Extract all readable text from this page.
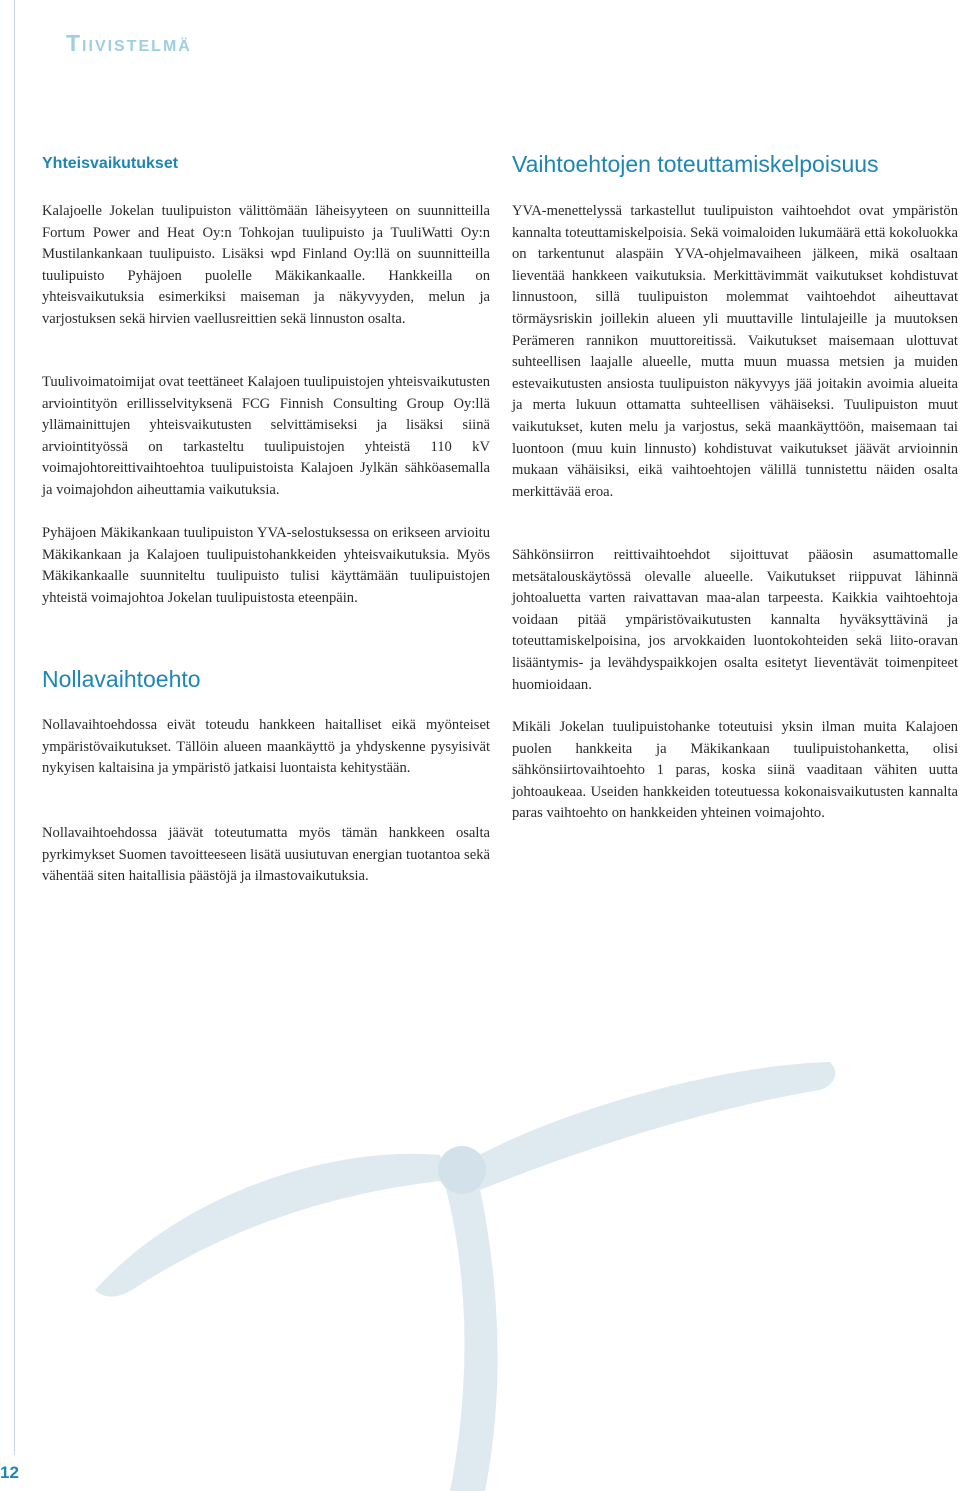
Tiivistelmä
Yhteisvaikutukset

Kalajoelle Jokelan tuulipuiston välittömään läheisyyteen on suunnitteilla Fortum Power and Heat Oy:n Tohkojan tuulipuisto ja TuuliWatti Oy:n Mustilankankaan tuulipuisto. Lisäksi wpd Finland Oy:llä on suunnitteilla tuulipuisto Pyhäjoen puolelle Mäkikankaalle. Hankkeilla on yhteisvaikutuksia esimerkiksi maiseman ja näkyvyyden, melun ja varjostuksen sekä hirvien vaellusreittien sekä linnuston osalta.

Tuulivoimatoimijat ovat teettäneet Kalajoen tuulipuistojen yhteisvaikutusten arviointityön erillisselvityksenä FCG Finnish Consulting Group Oy:llä yllämainittujen yhteisvaikutusten selvittämiseksi ja lisäksi siinä arviointityössä on tarkasteltu tuulipuistojen yhteistä 110 kV voimajohtoreittivaihtoehtoa tuulipuistoista Kalajoen Jylkän sähköasemalla ja voimajohdon aiheuttamia vaikutuksia.

Pyhäjoen Mäkikankaan tuulipuiston YVA-selostuksessa on erikseen arvioitu Mäkikankaan ja Kalajoen tuulipuistohankkeiden yhteisvaikutuksia. Myös Mäkikankaalle suunniteltu tuulipuisto tulisi käyttämään tuulipuistojen yhteistä voimajohtoa Jokelan tuulipuistosta eteenpäin.

Nollavaihtoehto

Nollavaihtoehdossa eivät toteudu hankkeen haitalliset eikä myönteiset ympäristövaikutukset. Tällöin alueen maankäyttö ja yhdyskenne pysyisivät nykyisen kaltaisina ja ympäristö jatkaisi luontaista kehitystään.

Nollavaihtoehdossa jäävät toteutumatta myös tämän hankkeen osalta pyrkimykset Suomen tavoitteeseen lisätä uusiutuvan energian tuotantoa sekä vähentää siten haitallisia päästöjä ja ilmastovaikutuksia.

Vaihtoehtojen toteuttamiskelpoisuus

YVA-menettelyssä tarkastellut tuulipuiston vaihtoehdot ovat ympäristön kannalta toteuttamiskelpoisia. Sekä voimaloiden lukumäärä että kokoluokka on tarkentunut alaspäin YVA-ohjelmavaiheen jälkeen, mikä osaltaan lieventää hankkeen vaikutuksia. Merkittävimmät vaikutukset kohdistuvat linnustoon, sillä tuulipuiston molemmat vaihtoehdot aiheuttavat törmäysriskin joillekin alueen yli muuttaville lintulajeille ja muutoksen Perämeren rannikon muuttoreitissä. Vaikutukset maisemaan ulottuvat suhteellisen laajalle alueelle, mutta muun muassa metsien ja muiden estevaikutusten ansiosta tuulipuiston näkyvyys jää joitakin avoimia alueita ja merta lukuun ottamatta suhteellisen vähäiseksi. Tuulipuiston muut vaikutukset, kuten melu ja varjostus, sekä maankäyttöön, maisemaan tai luontoon (muu kuin linnusto) kohdistuvat vaikutukset jäävät arvioinnin mukaan vähäisiksi, eikä vaihtoehtojen välillä tunnistettu näiden osalta merkittävää eroa.

Sähkönsiirron reittivaihtoehdot sijoittuvat pääosin asumattomalle metsätalouskäytössä olevalle alueelle. Vaikutukset riippuvat lähinnä johtoaluetta varten raivattavan maa-alan tarpeesta. Kaikkia vaihtoehtoja voidaan pitää ympäristövaikutusten kannalta hyväksyttävinä ja toteuttamiskelpoisina, jos arvokkaiden luontokohteiden sekä liito-oravan lisääntymis- ja levähdyspaikkojen osalta esitetyt lieventävät toimenpiteet huomioidaan.

Mikäli Jokelan tuulipuistohanke toteutuisi yksin ilman muita Kalajoen puolen hankkeita ja Mäkikankaan tuulipuistohanketta, olisi sähkönsiirtovaihtoehto 1 paras, koska siinä vaaditaan vähiten uutta johtoaukeaa. Useiden hankkeiden toteutuessa kokonaisvaikutusten kannalta paras vaihtoehto on hankkeiden yhteinen voimajohto.

12
